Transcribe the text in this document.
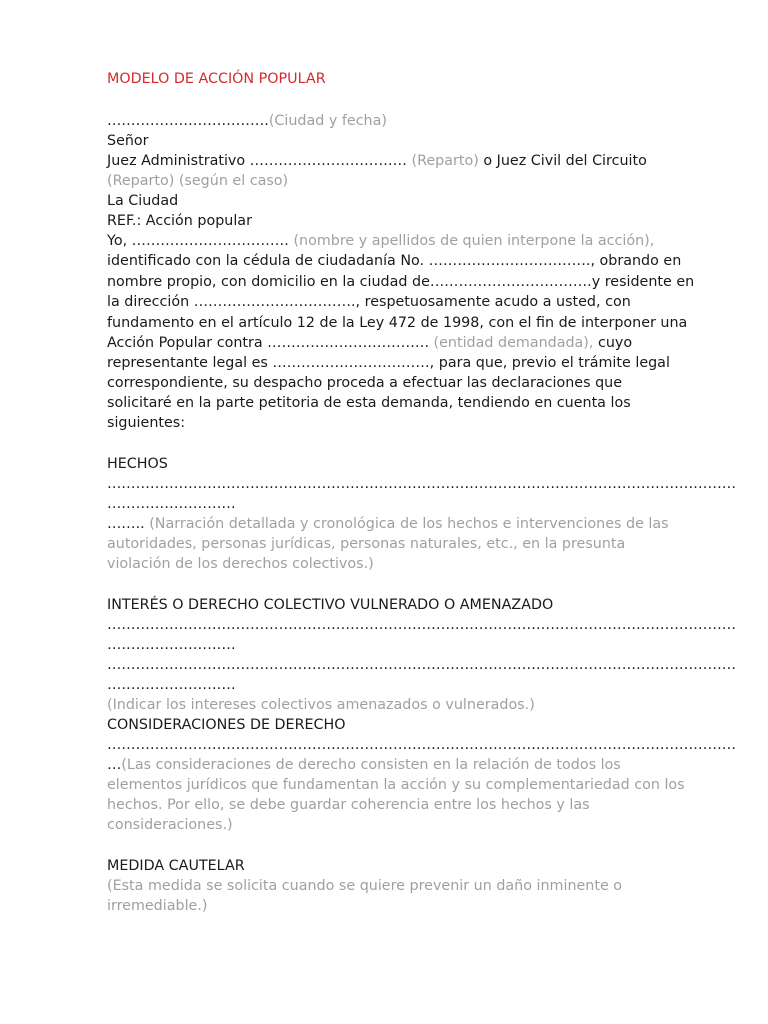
MODELO DE ACCIÓN POPULAR
…………………………….(Ciudad y fecha)
Señor
Juez Administrativo …………………………… (Reparto) o Juez Civil del Circuito
(Reparto) (según el caso)
La Ciudad
REF.: Acción popular
Yo, …………………………… (nombre y apellidos de quien interpone la acción),
identificado con la cédula de ciudadanía No. ……………………………., obrando en
nombre propio, con domicilio en la ciudad de…………………………….y residente en
la dirección ……………………………., respetuosamente acudo a usted, con
fundamento en el artículo 12 de la Ley 472 de 1998, con el fin de interponer una
Acción Popular contra ……………………………. (entidad demandada), cuyo
representante legal es ……………………………, para que, previo el trámite legal
correspondiente, su despacho proceda a efectuar las declaraciones que
solicitaré en la parte petitoria de esta demanda, tendiendo en cuenta los
siguientes:
HECHOS
……………………………………………………………………………………………………………………
………………………
…….. (Narración detallada y cronológica de los hechos e intervenciones de las
autoridades, personas jurídicas, personas naturales, etc., en la presunta
violación de los derechos colectivos.)
INTERÉS O DERECHO COLECTIVO VULNERADO O AMENAZADO
……………………………………………………………………………………………………………………
………………………
……………………………………………………………………………………………………………………
………………………
(Indicar los intereses colectivos amenazados o vulnerados.)
CONSIDERACIONES DE DERECHO
……………………………………………………………………………………………………………………
…(Las consideraciones de derecho consisten en la relación de todos los
elementos jurídicos que fundamentan la acción y su complementariedad con los
hechos. Por ello, se debe guardar coherencia entre los hechos y las
consideraciones.)
MEDIDA CAUTELAR
(Esta medida se solicita cuando se quiere prevenir un daño inminente o
irremediable.)
